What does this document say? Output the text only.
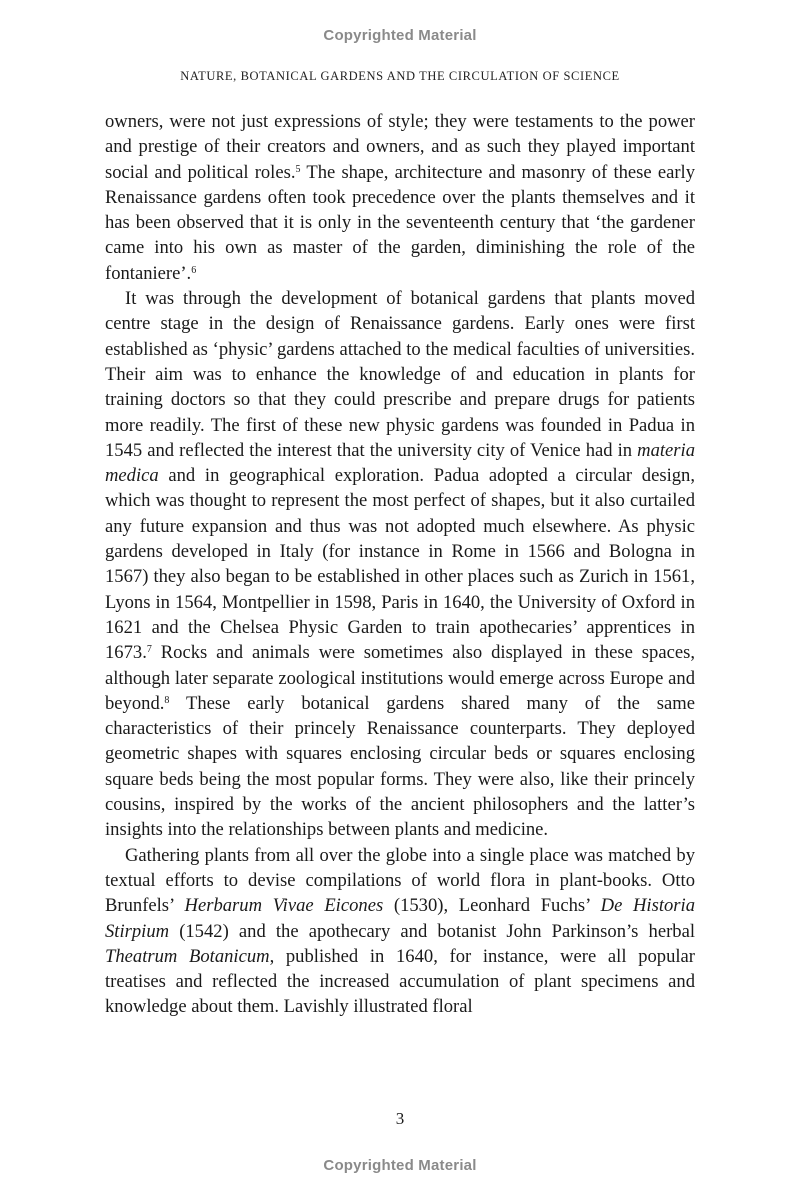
Copyrighted Material
NATURE, BOTANICAL GARDENS AND THE CIRCULATION OF SCIENCE

owners, were not just expressions of style; they were testaments to the power and prestige of their creators and owners, and as such they played important social and political roles.$^5$ The shape, architecture and masonry of these early Renaissance gardens often took precedence over the plants themselves and it has been observed that it is only in the seventeenth century that ‘the gardener came into his own as master of the garden, diminishing the role of the fontaniere’.$^6$

It was through the development of botanical gardens that plants moved centre stage in the design of Renaissance gardens. Early ones were first established as ‘physic’ gardens attached to the medical faculties of universities. Their aim was to enhance the knowledge of and education in plants for training doctors so that they could prescribe and prepare drugs for patients more readily. The first of these new physic gardens was founded in Padua in 1545 and reflected the interest that the university city of Venice had in materia medica and in geographical exploration. Padua adopted a circular design, which was thought to represent the most perfect of shapes, but it also curtailed any future expansion and thus was not adopted much elsewhere. As physic gardens developed in Italy (for instance in Rome in 1566 and Bologna in 1567) they also began to be established in other places such as Zurich in 1561, Lyons in 1564, Montpellier in 1598, Paris in 1640, the University of Oxford in 1621 and the Chelsea Physic Garden to train apothecaries’ apprentices in 1673.$^7$ Rocks and animals were sometimes also displayed in these spaces, although later separate zoological institutions would emerge across Europe and beyond.$^8$ These early botanical gardens shared many of the same characteristics of their princely Renaissance counterparts. They deployed geometric shapes with squares enclosing circular beds or squares enclosing square beds being the most popular forms. They were also, like their princely cousins, inspired by the works of the ancient philosophers and the latter’s insights into the relationships between plants and medicine.

Gathering plants from all over the globe into a single place was matched by textual efforts to devise compilations of world flora in plant-books. Otto Brunfels’ Herbarum Vivae Eicones (1530), Leonhard Fuchs’ De Historia Stirpium (1542) and the apothecary and botanist John Parkinson’s herbal Theatrum Botanicum, published in 1640, for instance, were all popular treatises and reflected the increased accumulation of plant specimens and knowledge about them. Lavishly illustrated floral

3
Copyrighted Material
